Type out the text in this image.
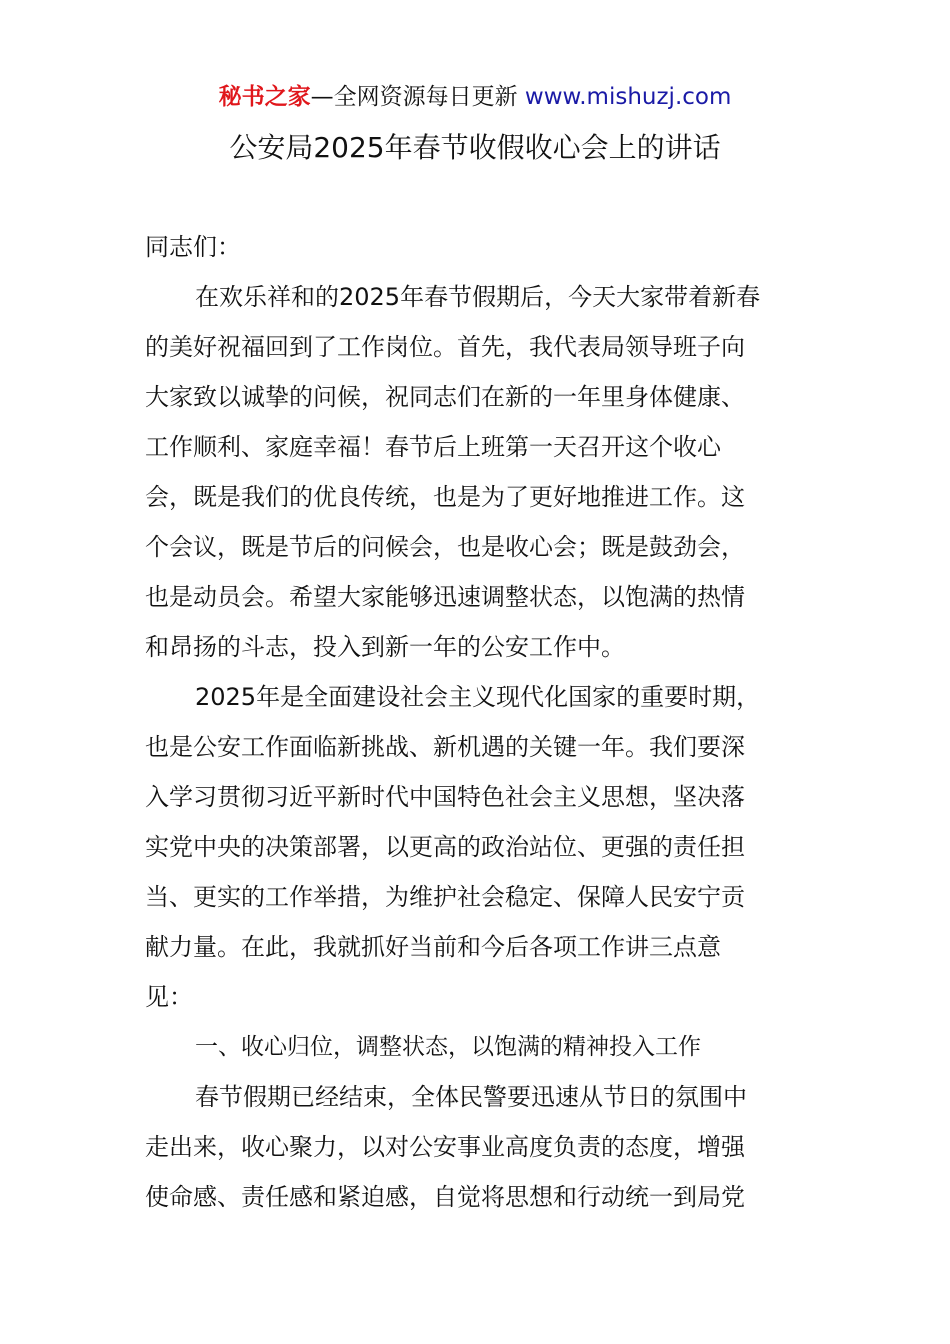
秘书之家—全网资源每日更新 www.mishuzj.com
公安局2025年春节收假收心会上的讲话
同志们：
在欢乐祥和的2025年春节假期后，今天大家带着新春
的美好祝福回到了工作岗位。首先，我代表局领导班子向
大家致以诚挚的问候，祝同志们在新的一年里身体健康、
工作顺利、家庭幸福！春节后上班第一天召开这个收心
会，既是我们的优良传统，也是为了更好地推进工作。这
个会议，既是节后的问候会，也是收心会；既是鼓劲会，
也是动员会。希望大家能够迅速调整状态，以饱满的热情
和昂扬的斗志，投入到新一年的公安工作中。
2025年是全面建设社会主义现代化国家的重要时期，
也是公安工作面临新挑战、新机遇的关键一年。我们要深
入学习贯彻习近平新时代中国特色社会主义思想，坚决落
实党中央的决策部署，以更高的政治站位、更强的责任担
当、更实的工作举措，为维护社会稳定、保障人民安宁贡
献力量。在此，我就抓好当前和今后各项工作讲三点意
见：
一、收心归位，调整状态，以饱满的精神投入工作
春节假期已经结束，全体民警要迅速从节日的氛围中
走出来，收心聚力，以对公安事业高度负责的态度，增强
使命感、责任感和紧迫感，自觉将思想和行动统一到局党
